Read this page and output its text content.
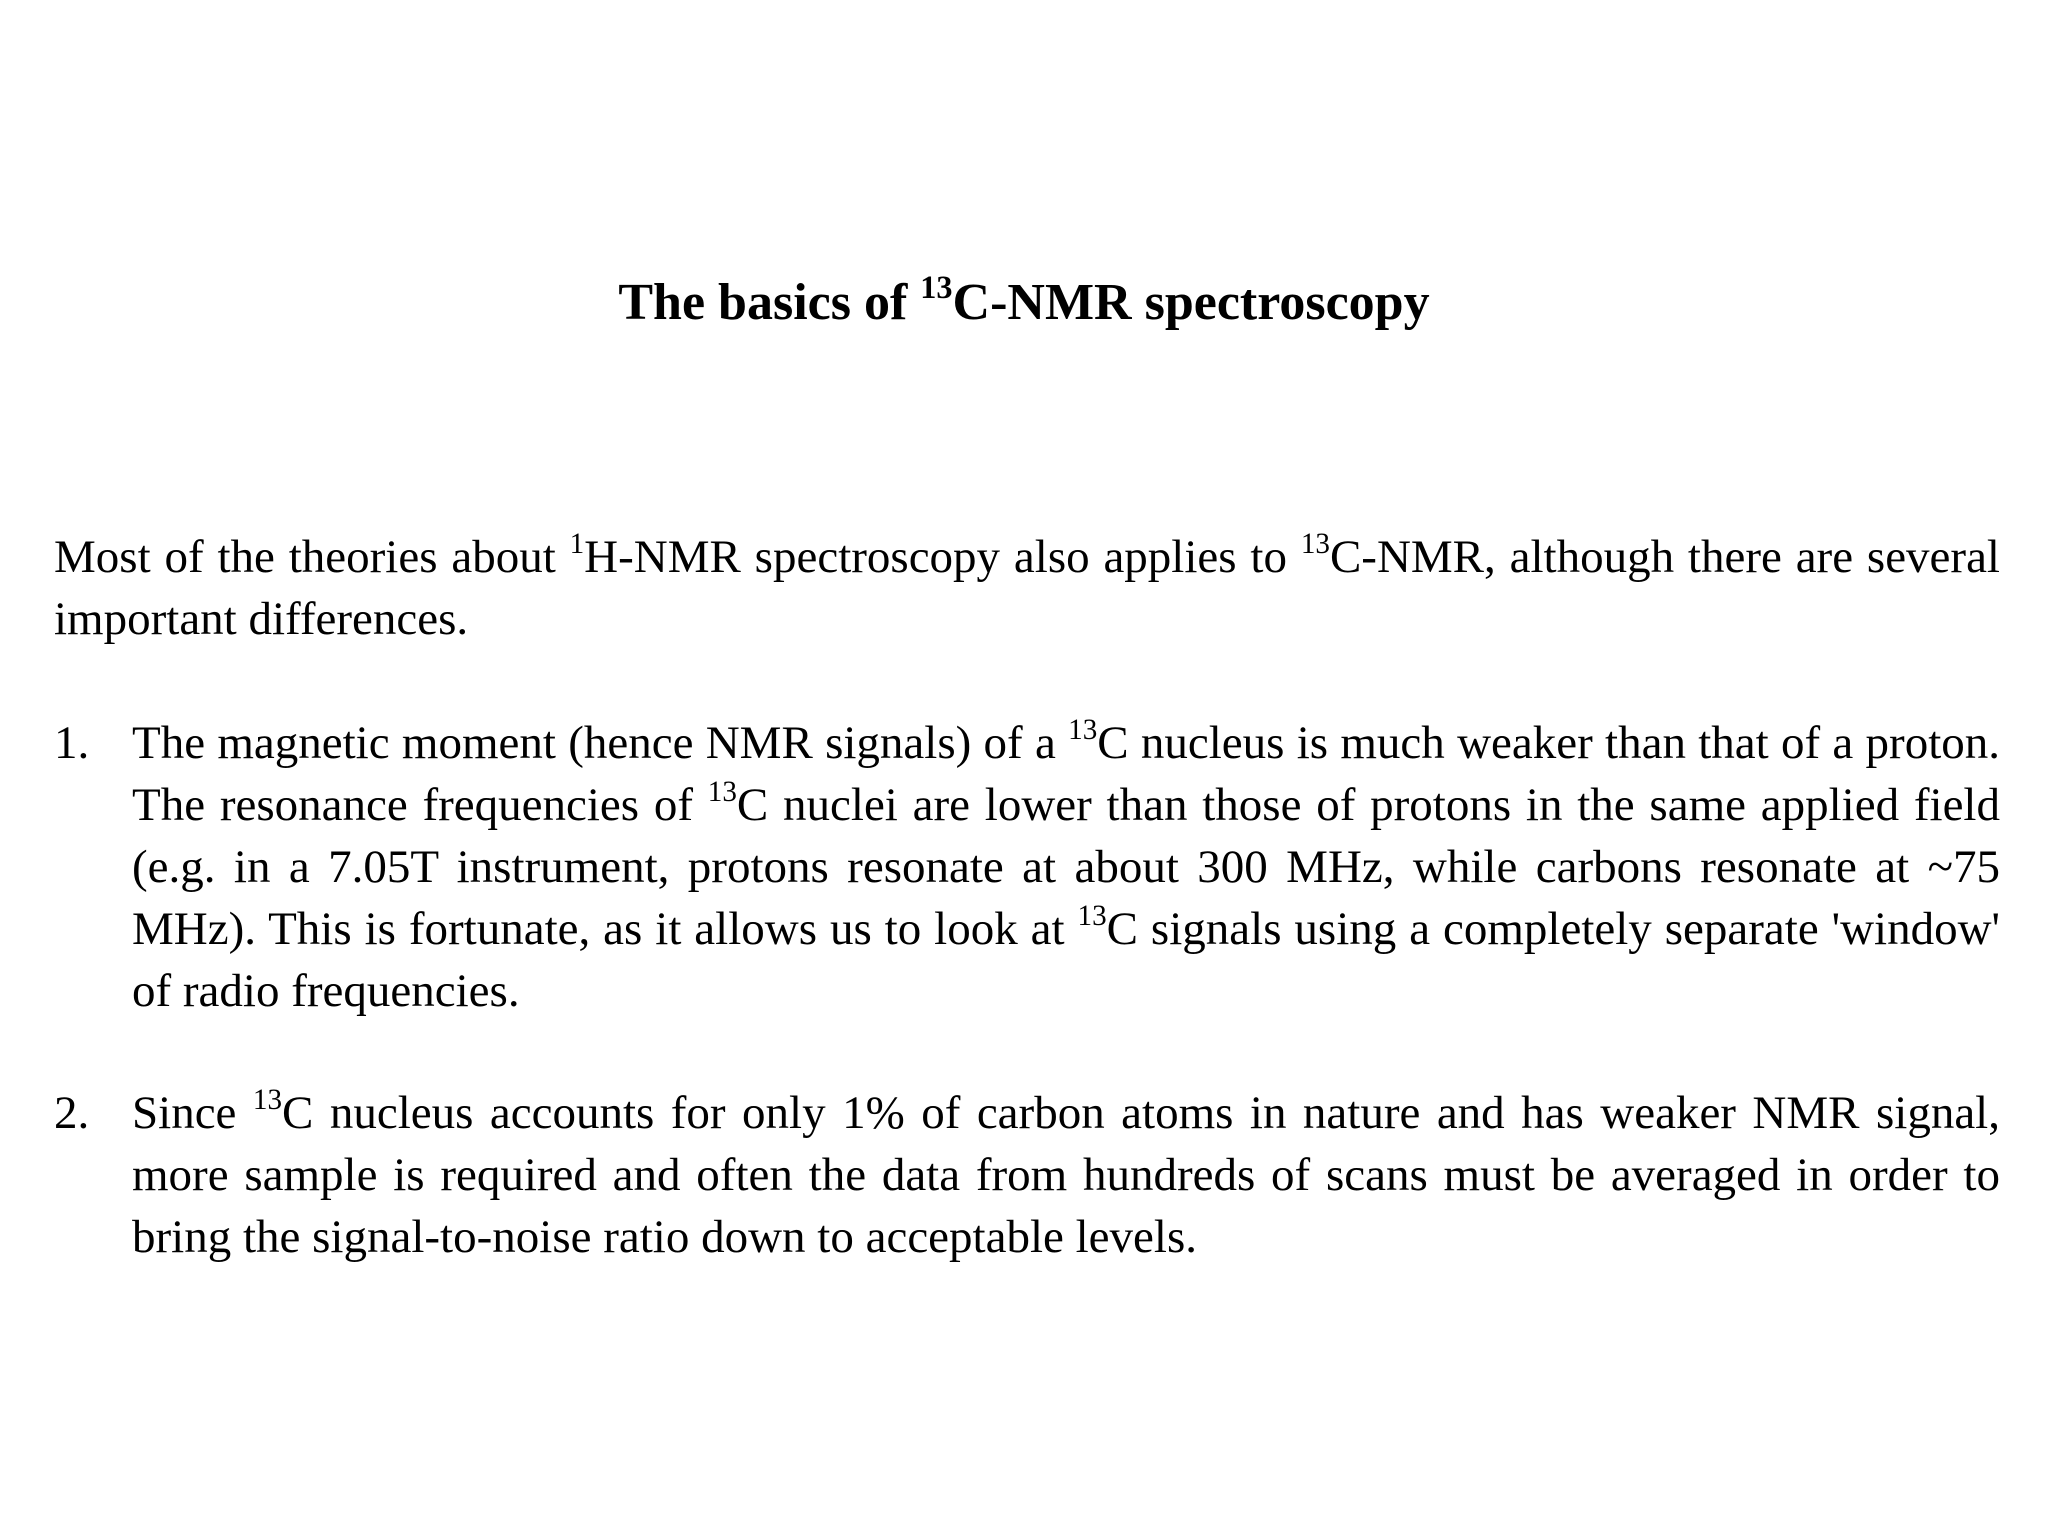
The basics of $^{13}$C-NMR spectroscopy

Most of the theories about $^1$H-NMR spectroscopy also applies to $^{13}$C-NMR, although there are several important differences.

1. The magnetic moment (hence NMR signals) of a $^{13}$C nucleus is much weaker than that of a proton. The resonance frequencies of $^{13}$C nuclei are lower than those of protons in the same applied field (e.g. in a 7.05T instrument, protons resonate at about 300 MHz, while carbons resonate at ~75 MHz). This is fortunate, as it allows us to look at $^{13}$C signals using a completely separate 'window' of radio frequencies.
2. Since $^{13}$C nucleus accounts for only 1% of carbon atoms in nature and has weaker NMR signal, more sample is required and often the data from hundreds of scans must be averaged in order to bring the signal-to-noise ratio down to acceptable levels.
